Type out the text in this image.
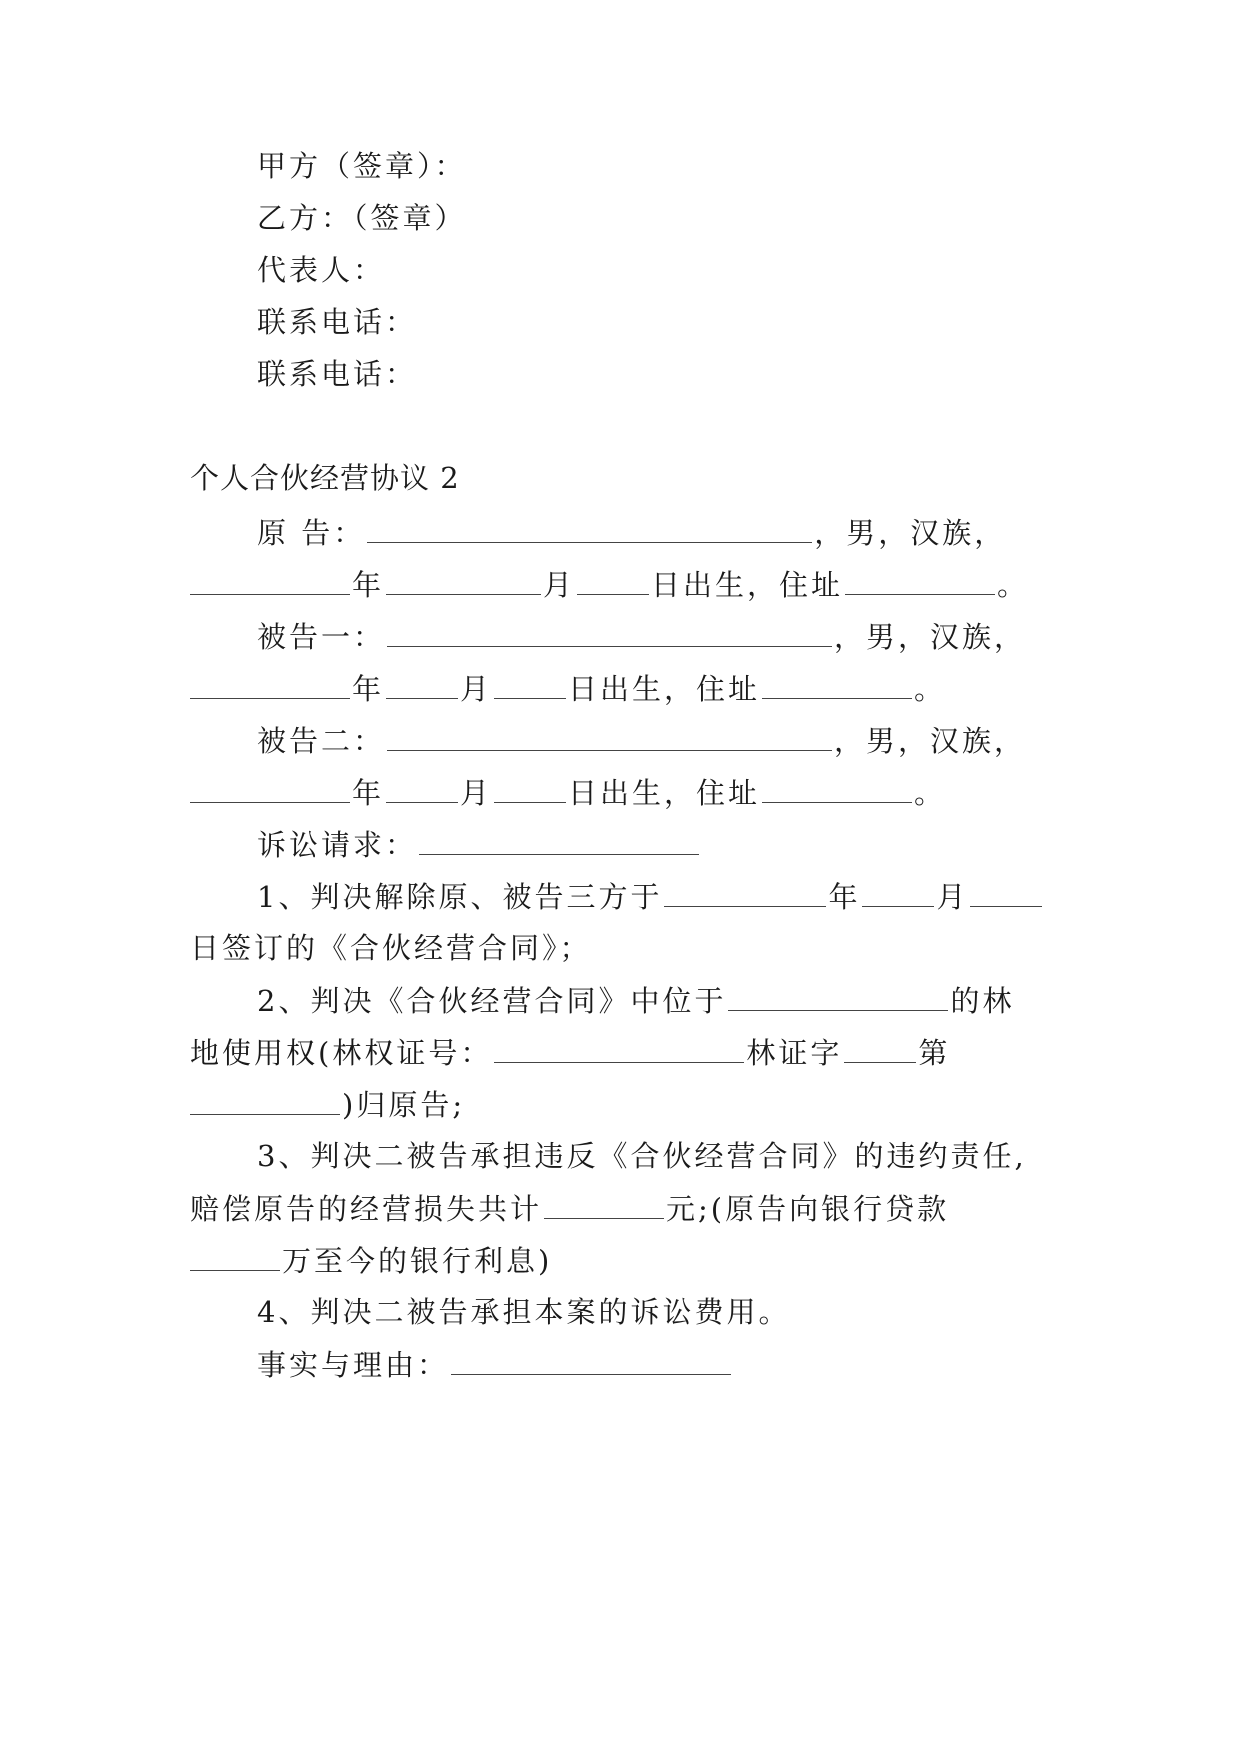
甲方（签章）：
乙方：（签章）
代表人：
联系电话：
联系电话：
个人合伙经营协议 2
原 告：	，男，汉族，
年	月	日出生，住址	。
被告一：	，男，汉族，
年	月	日出生，住址	。
被告二：	，男，汉族，
年	月	日出生，住址	。
诉讼请求：
1、判决解除原、被告三方于	年	月
日签订的《合伙经营合同》；
2、判决《合伙经营合同》中位于	的林
地使用权(林权证号：	林证字	第
)归原告;
3、判决二被告承担违反《合伙经营合同》的违约责任,
赔偿原告的经营损失共计	元;(原告向银行贷款
万至今的银行利息)
4、判决二被告承担本案的诉讼费用。
事实与理由：
